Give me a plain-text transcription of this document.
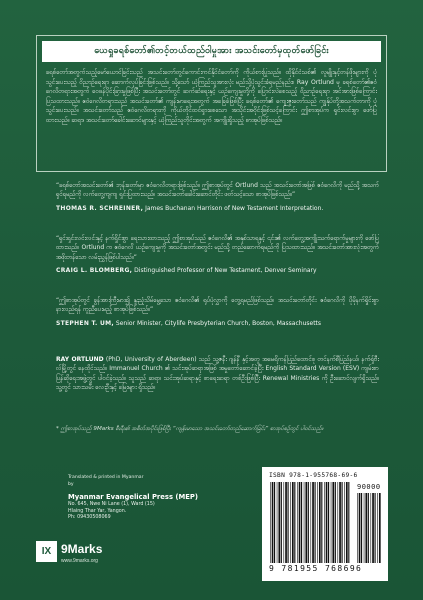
ယေရှုခရစ်တော်၏တင့်တယ်ထည်ဝါမှုအား အသင်းတော်မှထုတ်ဖော်ခြင်း
ခရစ်တော်အတွက်သည့်မော်ယောင်ခြင်းသည် အသင်းတော်တွင်ကောင်းကင်နိုင်ငံတော်ကို ကိုယ်စားပြုသည်။ ထိုနိုင်ငံသစ်၏ လူမျိုးနှင့်တန်ဖိုးများကို ပုံသွင်းပေးသည့် ဝိညာဉ်ရေးရာ ဆောက်လုပ်ခြင်းဖြစ်သည်။ သို့သော် ယုံကြည်သူအားလုံး မည်သို့ပုံသွင်းခံရမည်နည်း။ Ray Ortlund မှ ခရစ်တော်၏ဧဝံဂေလိတရားအတွက် ဝေဖန်ပိုင်းခြားမှုဖြစ်ပြီး အသင်းတော်တွင် ဆက်ဆံရေးနှင့် ယဉ်ကျေးမှုတို့ကို ပြောင်းလဲစေသည့် ဝိညာဉ်ရေးရာ အင်အားဖြစ်ကြောင်း ပြသထားသည်။ ဧဝံဂေလိတရားသည် အသင်းတော်၏ ကျန်းမာရေးအတွက် အခြေခံဖြစ်ပြီး ခရစ်တော်၏ ကျေးဇူးတော်သည် ကျွန်ုပ်တို့အသက်တာကို ပုံသွင်းပေးသည်။ အသင်းတော်သည် ဧဝံဂေလိတရားကို ကိုယ်တိုင်ထင်ရှားစေသော အသိုင်းအဝိုင်းဖြစ်သင့်ကြောင်း ဤစာအုပ်က ရှင်းလင်းစွာ ဖော်ပြထားသည်။ ဆရာ၊ အသင်းတော်ခေါင်းဆောင်များနှင့် ယုံကြည်သူတိုင်းအတွက် အကျိုးရှိသည့် စာအုပ်ဖြစ်သည်။
“ခရစ်တော်အသင်းတော်၏ ဘုန်းတော်မှာ ဧဝံဂေလိတရားဖြစ်သည်။ ဤစာအုပ်တွင် Ortlund သည် အသင်းတော်အဖြစ် ဧဝံဂေလိကို မည်သို့ အသက်ရှင်ရမည်ကို လက်တွေ့ကျကျ ရှင်းပြထားသည်။ အသင်းတော်ခေါင်းဆောင်တိုင်း ဖတ်သင့်သော စာအုပ်ဖြစ်သည်။”
THOMAS R. SCHREINER, James Buchanan Harrison of New Testament Interpretation.
“ရှင်းရှင်းလင်းလင်းနှင့် နက်ရှိုင်းစွာ ရေးသားထားသည့် ဤစာအုပ်သည် ဧဝံဂေလိ၏ အနှစ်သာရနှင့် ၎င်း၏ လက်တွေ့အကျိုးသက်ရောက်မှုများကို ဖော်ပြထားသည်။ Ortlund က ဧဝံဂေလိ ယဉ်ကျေးမှုကို အသင်းတော်အတွင်း မည်သို့ တည်ဆောက်ရမည်ကို ပြသထားသည်။ အသင်းတော်အားလုံးအတွက် အဖိုးတန်သော လမ်းညွှန်ဖြစ်ပါသည်။”
CRAIG L. BLOMBERG, Distinguished Professor of New Testament, Denver Seminary
“ဤစာအုပ်တွင် ခွန်အားကြီးမား၍ နူးညံ့သိမ်မွေ့သော ဧဝံဂေလိ၏ ရုပ်ပုံလွှာကို တွေ့ရမည်ဖြစ်သည်။ အသင်းတော်တိုင်း ဧဝံဂေလိကို ပိုမိုနက်ရှိုင်းစွာ နားလည်ရန် ကူညီပေးမည့် စာအုပ်ဖြစ်သည်။”
STEPHEN T. UM, Senior Minister, Citylife Presbyterian Church, Boston, Massachusetts
RAY ORTLUND (PhD, University of Aberdeen) သည် သူ့ဇနီး ဂျန်နီ နှင့်အတူ အမေရိကန်ပြည်ထောင်စု တင်နက်စီပြည်နယ်၊ နက်ရှ်ဗီးလ်မြို့တွင် နေထိုင်သည်။ Immanuel Church ၏ သင်းအုပ်ဆရာအဖြစ် အမှုတော်ဆောင်ခဲ့ပြီး English Standard Version (ESV) ကျမ်းစာ ပြန်ဆိုရေးအဖွဲ့တွင် ပါဝင်ခဲ့သည်။ သူသည် ဆရာ၊ သင်းအုပ်ဆရာနှင့် စာရေးဆရာ တစ်ဦးဖြစ်ပြီး Renewal Ministries ကို ဦးဆောင်လျက်ရှိသည်။ သူ့တွင် သားသမီး လေးဦးနှင့် မြေးများ ရှိသည်။
* ဤစာအုပ်သည် 9Marks စီးရီး၏ အစိတ်အပိုင်းဖြစ်ပြီး “ကျန်းမာသော အသင်းတော်တည်ဆောက်ခြင်း” စာအုပ်စဉ်တွင် ပါဝင်သည်။
Translated & printed in Myanmar
by
Myanmar Evangelical Press (MEP)
No. 645, Nwe Ni Lane (1), Ward (15)
Hlaing Thar Yar, Yangon.
Ph: 09430508069
IX 9Marks
www.9marks.org
ISBN 978-1-955768-69-6
90000
9 781955 768696
